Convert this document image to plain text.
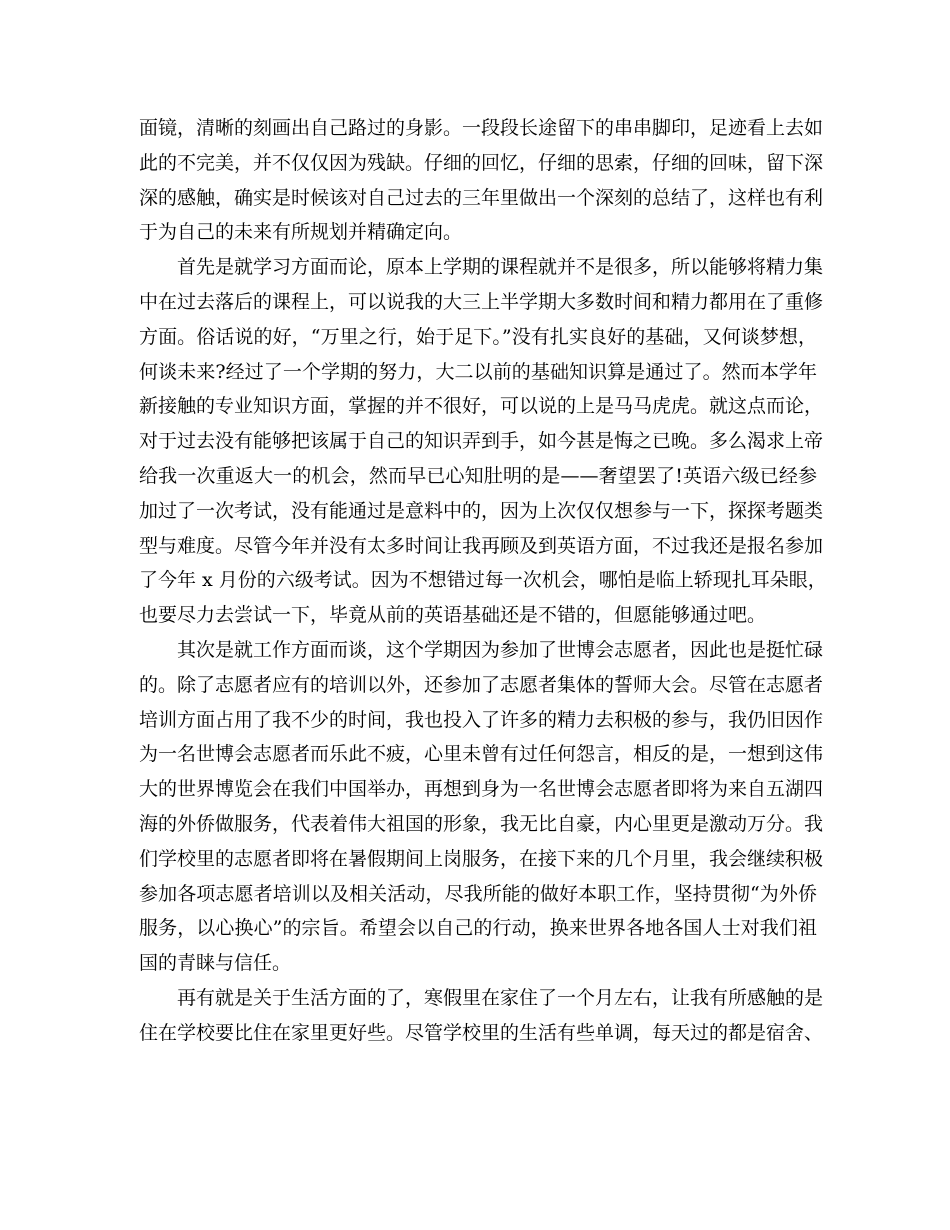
面镜，清晰的刻画出自己路过的身影。一段段长途留下的串串脚印，足迹看上去如
此的不完美，并不仅仅因为残缺。仔细的回忆，仔细的思索，仔细的回味，留下深
深的感触，确实是时候该对自己过去的三年里做出一个深刻的总结了，这样也有利
于为自己的未来有所规划并精确定向。
首先是就学习方面而论，原本上学期的课程就并不是很多，所以能够将精力集
中在过去落后的课程上，可以说我的大三上半学期大多数时间和精力都用在了重修
方面。俗话说的好，“万里之行，始于足下。”没有扎实良好的基础，又何谈梦想，
何谈未来?经过了一个学期的努力，大二以前的基础知识算是通过了。然而本学年
新接触的专业知识方面，掌握的并不很好，可以说的上是马马虎虎。就这点而论，
对于过去没有能够把该属于自己的知识弄到手，如今甚是悔之已晚。多么渴求上帝
给我一次重返大一的机会，然而早已心知肚明的是——奢望罢了!英语六级已经参
加过了一次考试，没有能通过是意料中的，因为上次仅仅想参与一下，探探考题类
型与难度。尽管今年并没有太多时间让我再顾及到英语方面，不过我还是报名参加
了今年 x 月份的六级考试。因为不想错过每一次机会，哪怕是临上轿现扎耳朵眼，
也要尽力去尝试一下，毕竟从前的英语基础还是不错的，但愿能够通过吧。
其次是就工作方面而谈，这个学期因为参加了世博会志愿者，因此也是挺忙碌
的。除了志愿者应有的培训以外，还参加了志愿者集体的誓师大会。尽管在志愿者
培训方面占用了我不少的时间，我也投入了许多的精力去积极的参与，我仍旧因作
为一名世博会志愿者而乐此不疲，心里未曾有过任何怨言，相反的是，一想到这伟
大的世界博览会在我们中国举办，再想到身为一名世博会志愿者即将为来自五湖四
海的外侨做服务，代表着伟大祖国的形象，我无比自豪，内心里更是激动万分。我
们学校里的志愿者即将在暑假期间上岗服务，在接下来的几个月里，我会继续积极
参加各项志愿者培训以及相关活动，尽我所能的做好本职工作，坚持贯彻“为外侨
服务，以心换心”的宗旨。希望会以自己的行动，换来世界各地各国人士对我们祖
国的青睐与信任。
再有就是关于生活方面的了，寒假里在家住了一个月左右，让我有所感触的是
住在学校要比住在家里更好些。尽管学校里的生活有些单调，每天过的都是宿舍、
